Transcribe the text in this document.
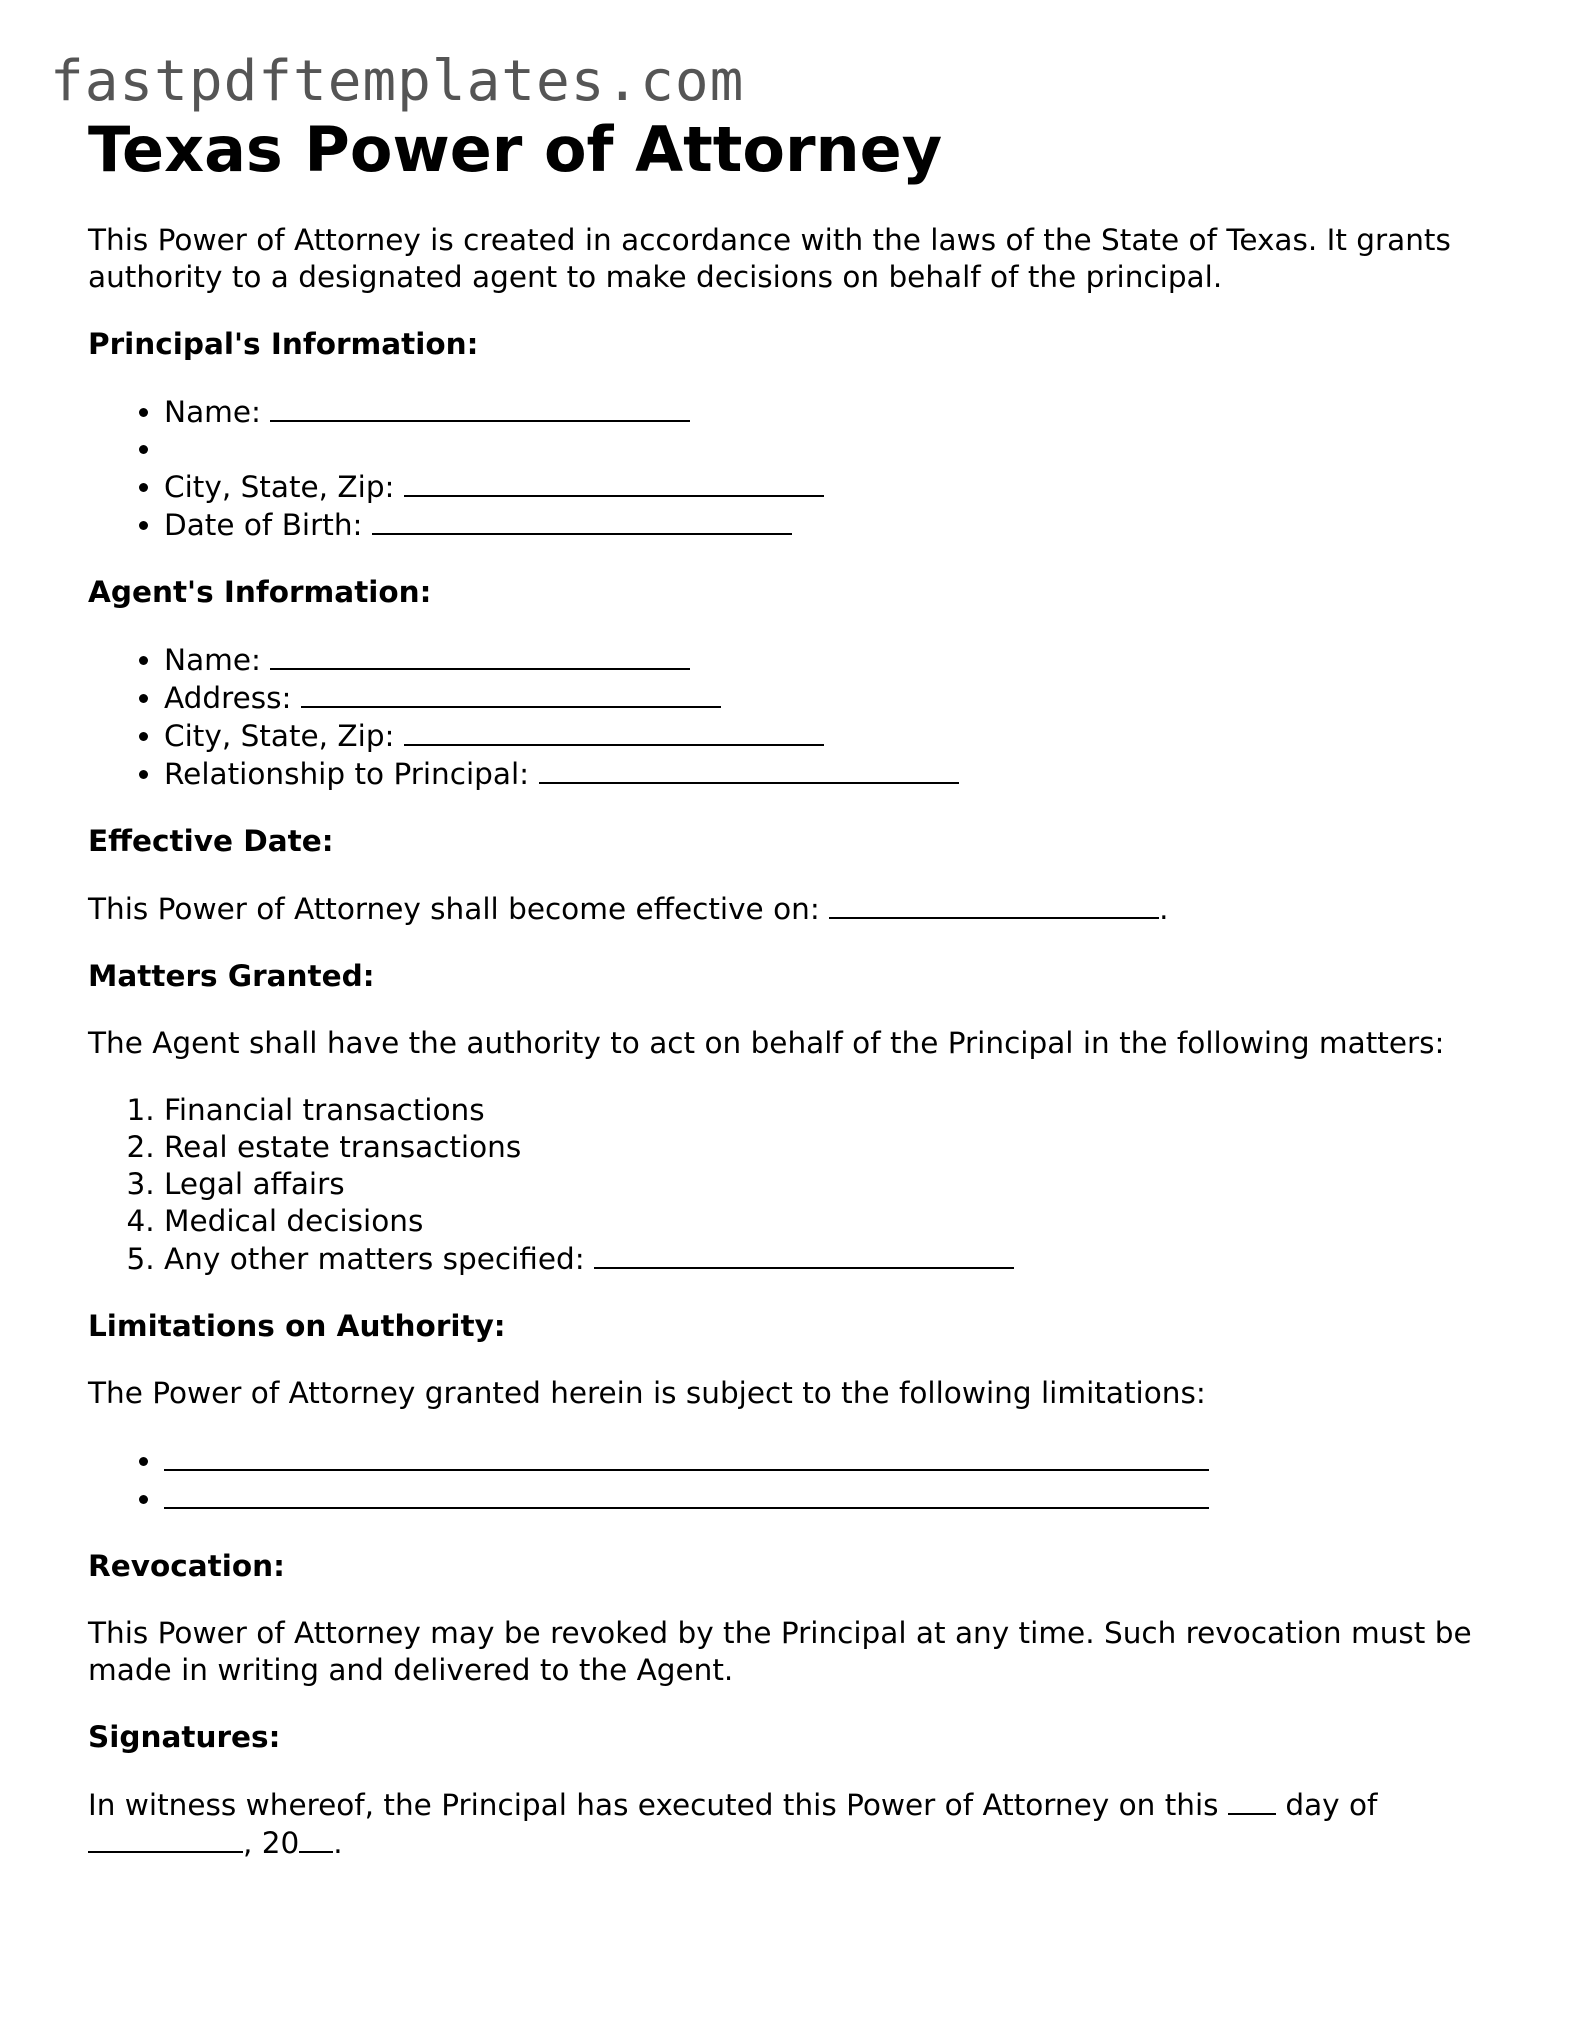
fastpdftemplates.com
Texas Power of Attorney

This Power of Attorney is created in accordance with the laws of the State of Texas. It grants authority to a designated agent to make decisions on behalf of the principal.

Principal's Information:
• Name:
•
• City, State, Zip:
• Date of Birth:
Agent's Information:
• Name:
• Address:
• City, State, Zip:
• Relationship to Principal:
Effective Date:

This Power of Attorney shall become effective on:	.

Matters Granted:

The Agent shall have the authority to act on behalf of the Principal in the following matters:

1. Financial transactions
2. Real estate transactions
3. Legal affairs
4. Medical decisions
5. Any other matters specified:
Limitations on Authority:

The Power of Attorney granted herein is subject to the following limitations:

•
•
Revocation:

This Power of Attorney may be revoked by the Principal at any time. Such revocation must be made in writing and delivered to the Agent.

Signatures:

In witness whereof, the Principal has executed this Power of Attorney on this day of , 20 .
